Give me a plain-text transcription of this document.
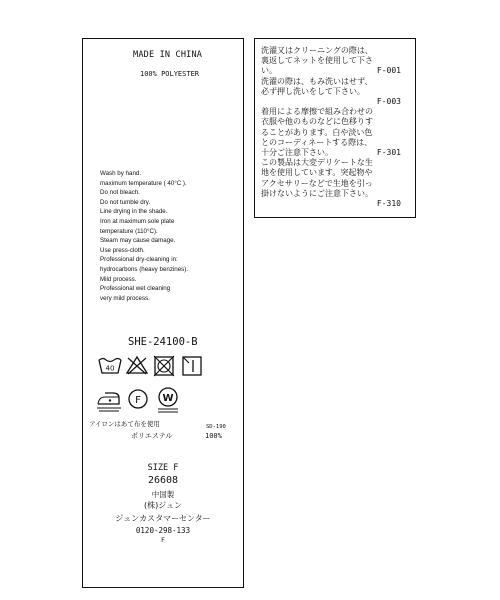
MADE IN CHINA
100% POLYESTER
Wash by hand.
maximum temperature ( 40°C ).
Do not bleach.
Do not tumble dry.
Line drying in the shade.
Iron at maximum sole plate
temperature (110°C).
Steam may cause damage.
Use press-cloth.
Professional dry-cleaning in:
hydrocarbons (heavy benzines).
Mild process.
Professional wet cleaning
very mild process.
SHE-24100-B
40
F W
アイロンはあて布を使用	SD-190
ポリエステル	100%
SIZE F
26608
中国製
(株)ジュン
ジュンカスタマーセンター
0120-298-133
F
洗濯又はクリーニングの際は、
裏返してネットを使用して下さ
い。	F-001
洗濯の際は、もみ洗いはせず、
必ず押し洗いをして下さい。
F-003
着用による摩擦で組み合わせの
衣服や他のものなどに色移りす
ることがあります。白や淡い色
とのコーディネートする際は、
十分ご注意下さい。	F-301
この製品は大変デリケートな生
地を使用しています。突起物や
アクセサリーなどで生地を引っ
掛けないようにご注意下さい。
F-310
